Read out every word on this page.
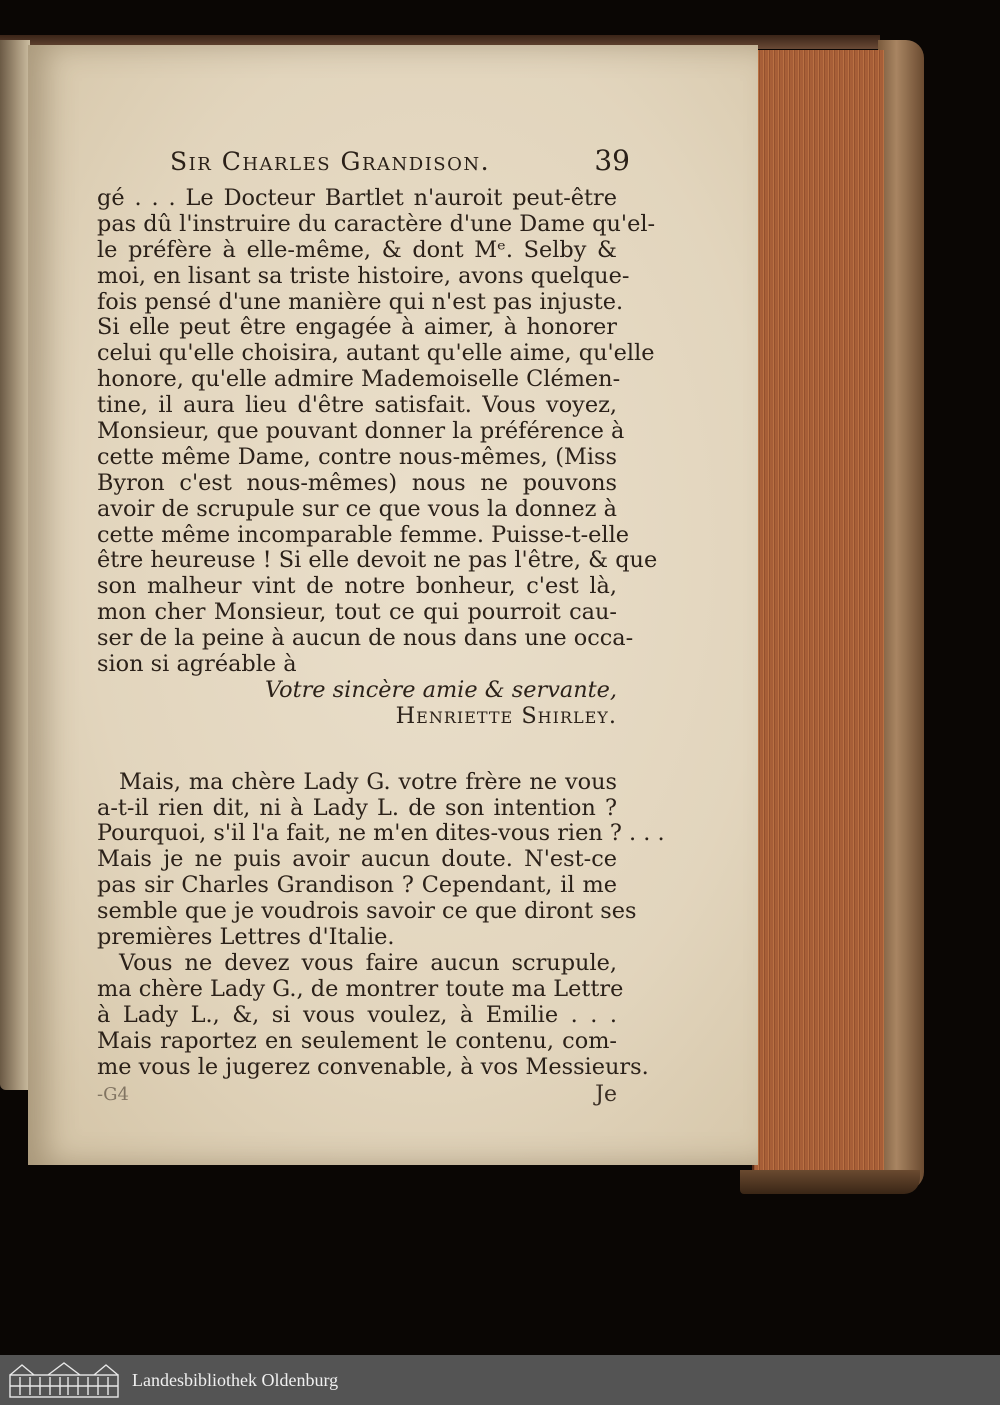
Sir Charles Grandison.	39
gé . . . Le Docteur Bartlet n'auroit peut-être
pas dû l'instruire du caractère d'une Dame qu'el-
le préfère à elle-même, & dont Mᵉ. Selby &
moi, en lisant sa triste histoire, avons quelque-
fois pensé d'une manière qui n'est pas injuste.
Si elle peut être engagée à aimer, à honorer
celui qu'elle choisira, autant qu'elle aime, qu'elle
honore, qu'elle admire Mademoiselle Clémen-
tine, il aura lieu d'être satisfait. Vous voyez,
Monsieur, que pouvant donner la préférence à
cette même Dame, contre nous-mêmes, (Miss
Byron c'est nous-mêmes) nous ne pouvons
avoir de scrupule sur ce que vous la donnez à
cette même incomparable femme. Puisse-t-elle
être heureuse ! Si elle devoit ne pas l'être, & que
son malheur vint de notre bonheur, c'est là,
mon cher Monsieur, tout ce qui pourroit cau-
ser de la peine à aucun de nous dans une occa-
sion si agréable à
Votre sincère amie & servante,
Henriette Shirley.
Mais, ma chère Lady G. votre frère ne vous
a-t-il rien dit, ni à Lady L. de son intention ?
Pourquoi, s'il l'a fait, ne m'en dites-vous rien ? . . .
Mais je ne puis avoir aucun doute. N'est-ce
pas sir Charles Grandison ? Cependant, il me
semble que je voudrois savoir ce que diront ses
premières Lettres d'Italie.
Vous ne devez vous faire aucun scrupule,
ma chère Lady G., de montrer toute ma Lettre
à Lady L., &, si vous voulez, à Emilie . . .
Mais raportez en seulement le contenu, com-
me vous le jugerez convenable, à vos Messieurs.
-G4	Je
Landesbibliothek Oldenburg
